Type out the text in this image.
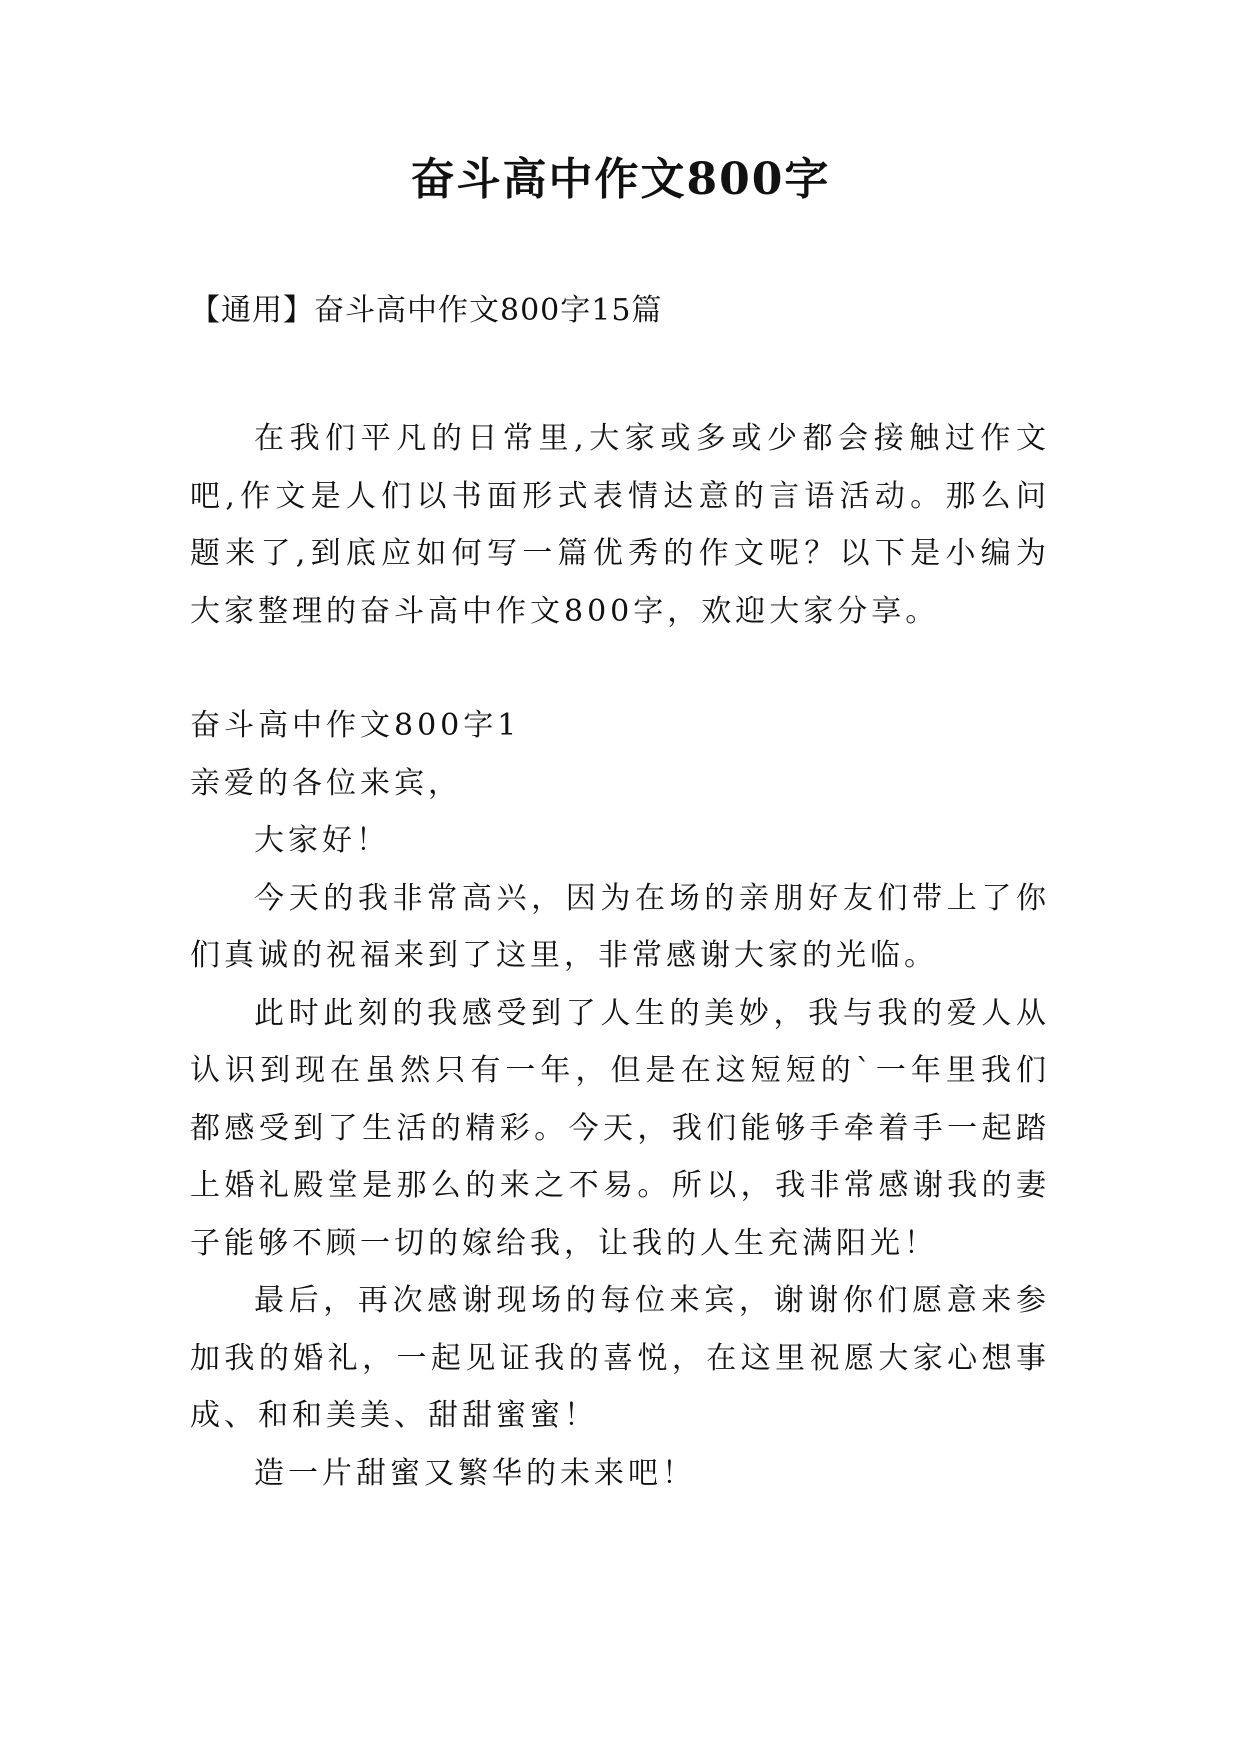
奋斗高中作文800字
【通用】奋斗高中作文800字15篇

在我们平凡的日常里,大家或多或少都会接触过作文吧,作文是人们以书面形式表情达意的言语活动。那么问题来了,到底应如何写一篇优秀的作文呢？以下是小编为大家整理的奋斗高中作文800字，欢迎大家分享。

奋斗高中作文800字1

亲爱的各位来宾，

大家好！

今天的我非常高兴，因为在场的亲朋好友们带上了你们真诚的祝福来到了这里，非常感谢大家的光临。

此时此刻的我感受到了人生的美妙，我与我的爱人从认识到现在虽然只有一年，但是在这短短的`一年里我们都感受到了生活的精彩。今天，我们能够手牵着手一起踏上婚礼殿堂是那么的来之不易。所以，我非常感谢我的妻子能够不顾一切的嫁给我，让我的人生充满阳光！

最后，再次感谢现场的每位来宾，谢谢你们愿意来参加我的婚礼，一起见证我的喜悦，在这里祝愿大家心想事成、和和美美、甜甜蜜蜜！

造一片甜蜜又繁华的未来吧！
